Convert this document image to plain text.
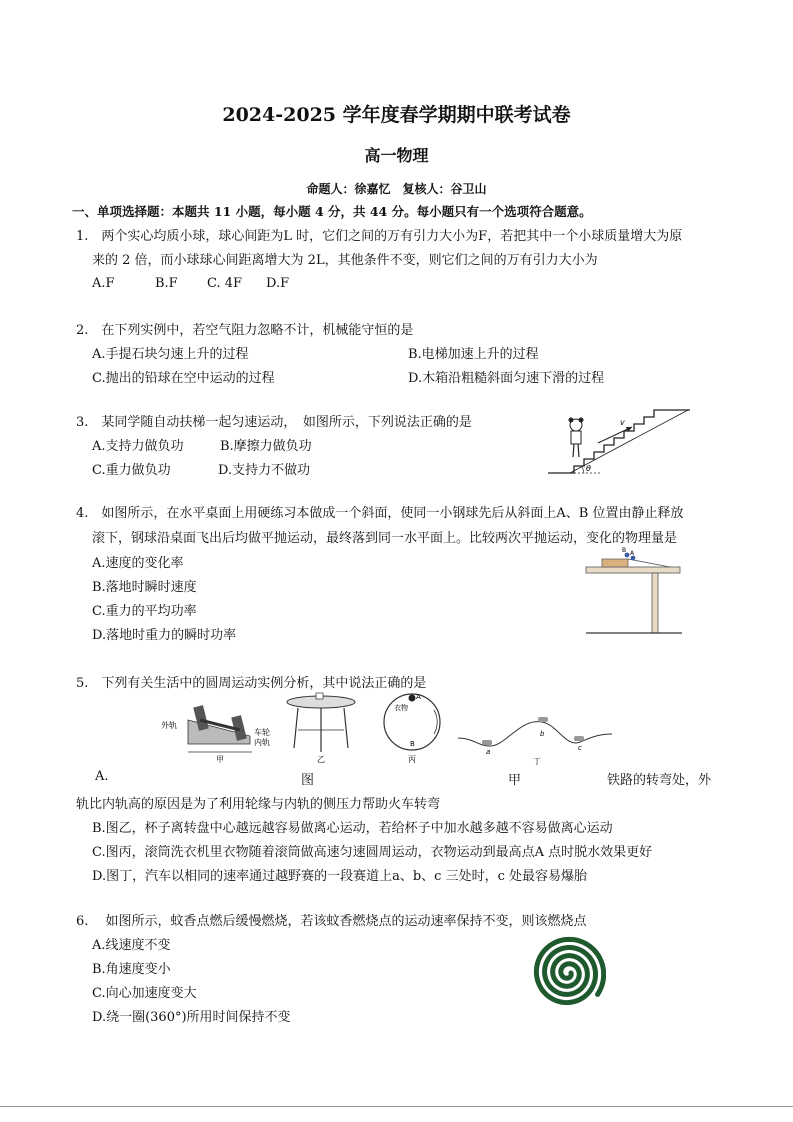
2024-2025 学年度春学期期中联考试卷
高一物理
命题人：徐嘉忆　复核人：谷卫山
一、单项选择题：本题共 11 小题，每小题 4 分，共 44 分。每小题只有一个选项符合题意。
1.　两个实心均质小球，球心间距为L 时，它们之间的万有引力大小为F，若把其中一个小球质量增大为原
来的 2 倍，而小球球心间距离增大为 2L，其他条件不变，则它们之间的万有引力大小为
A.F	B.F C. 4F D.F
2.　在下列实例中，若空气阻力忽略不计，机械能守恒的是
A.手提石块匀速上升的过程	B.电梯加速上升的过程
C.抛出的铅球在空中运动的过程	D.木箱沿粗糙斜面匀速下滑的过程
3.　某同学随自动扶梯一起匀速运动，　如图所示，下列说法正确的是
A.支持力做负功	B.摩擦力做负功
C.重力做负功	D.支持力不做功	θ
v
4.　如图所示，在水平桌面上用硬练习本做成一个斜面，使同一小钢球先后从斜面上A、B 位置由静止释放
滚下，钢球沿桌面飞出后均做平抛运动，最终落到同一水平面上。比较两次平抛运动，变化的物理量是
A.速度的变化率
B.落地时瞬时速度
C.重力的平均功率
D.落地时重力的瞬时功率
B A
5.　下列有关生活中的圆周运动实例分析，其中说法正确的是
外轨
车轮
内轨
甲	乙
A
衣物
B
丙
a
b
c
丁
A.	图	甲	铁路的转弯处，外
轨比内轨高的原因是为了利用轮缘与内轨的侧压力帮助火车转弯
B.图乙，杯子离转盘中心越远越容易做离心运动，若给杯子中加水越多越不容易做离心运动
C.图丙，滚筒洗衣机里衣物随着滚筒做高速匀速圆周运动，衣物运动到最高点A 点时脱水效果更好
D.图丁，汽车以相同的速率通过越野赛的一段赛道上a、b、c 三处时，c 处最容易爆胎
6.　 如图所示，蚊香点燃后缓慢燃烧，若该蚊香燃烧点的运动速率保持不变，则该燃烧点
A.线速度不变
B.角速度变小
C.向心加速度变大
D.绕一圈(360°)所用时间保持不变
